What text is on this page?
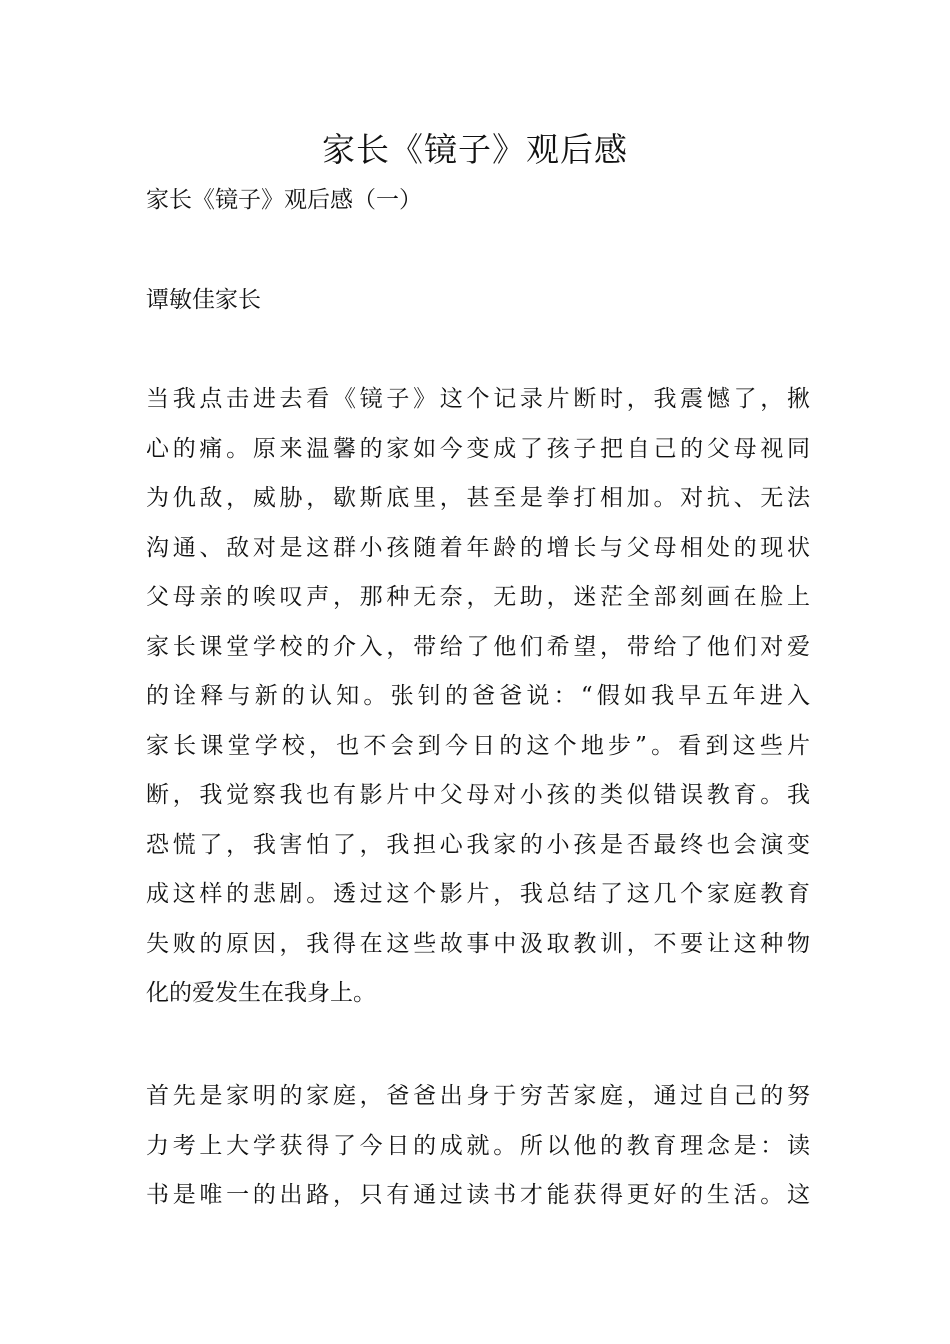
家长《镜子》观后感

家长《镜子》观后感（一）

谭敏佳家长

当我点击进去看《镜子》这个记录片断时，我震憾了，揪
心的痛。原来温馨的家如今变成了孩子把自己的父母视同
为仇敌，威胁，歇斯底里，甚至是拳打相加。对抗、无法
沟通、敌对是这群小孩随着年龄的增长与父母相处的现状
父母亲的唉叹声，那种无奈，无助，迷茫全部刻画在脸上
家长课堂学校的介入，带给了他们希望，带给了他们对爱
的诠释与新的认知。张钊的爸爸说：“假如我早五年进入
家长课堂学校，也不会到今日的这个地步”。看到这些片
断，我觉察我也有影片中父母对小孩的类似错误教育。我
恐慌了，我害怕了，我担心我家的小孩是否最终也会演变
成这样的悲剧。透过这个影片，我总结了这几个家庭教育
失败的原因，我得在这些故事中汲取教训，不要让这种物
化的爱发生在我身上。
首先是家明的家庭，爸爸出身于穷苦家庭，通过自己的努
力考上大学获得了今日的成就。所以他的教育理念是：读
书是唯一的出路，只有通过读书才能获得更好的生活。这
